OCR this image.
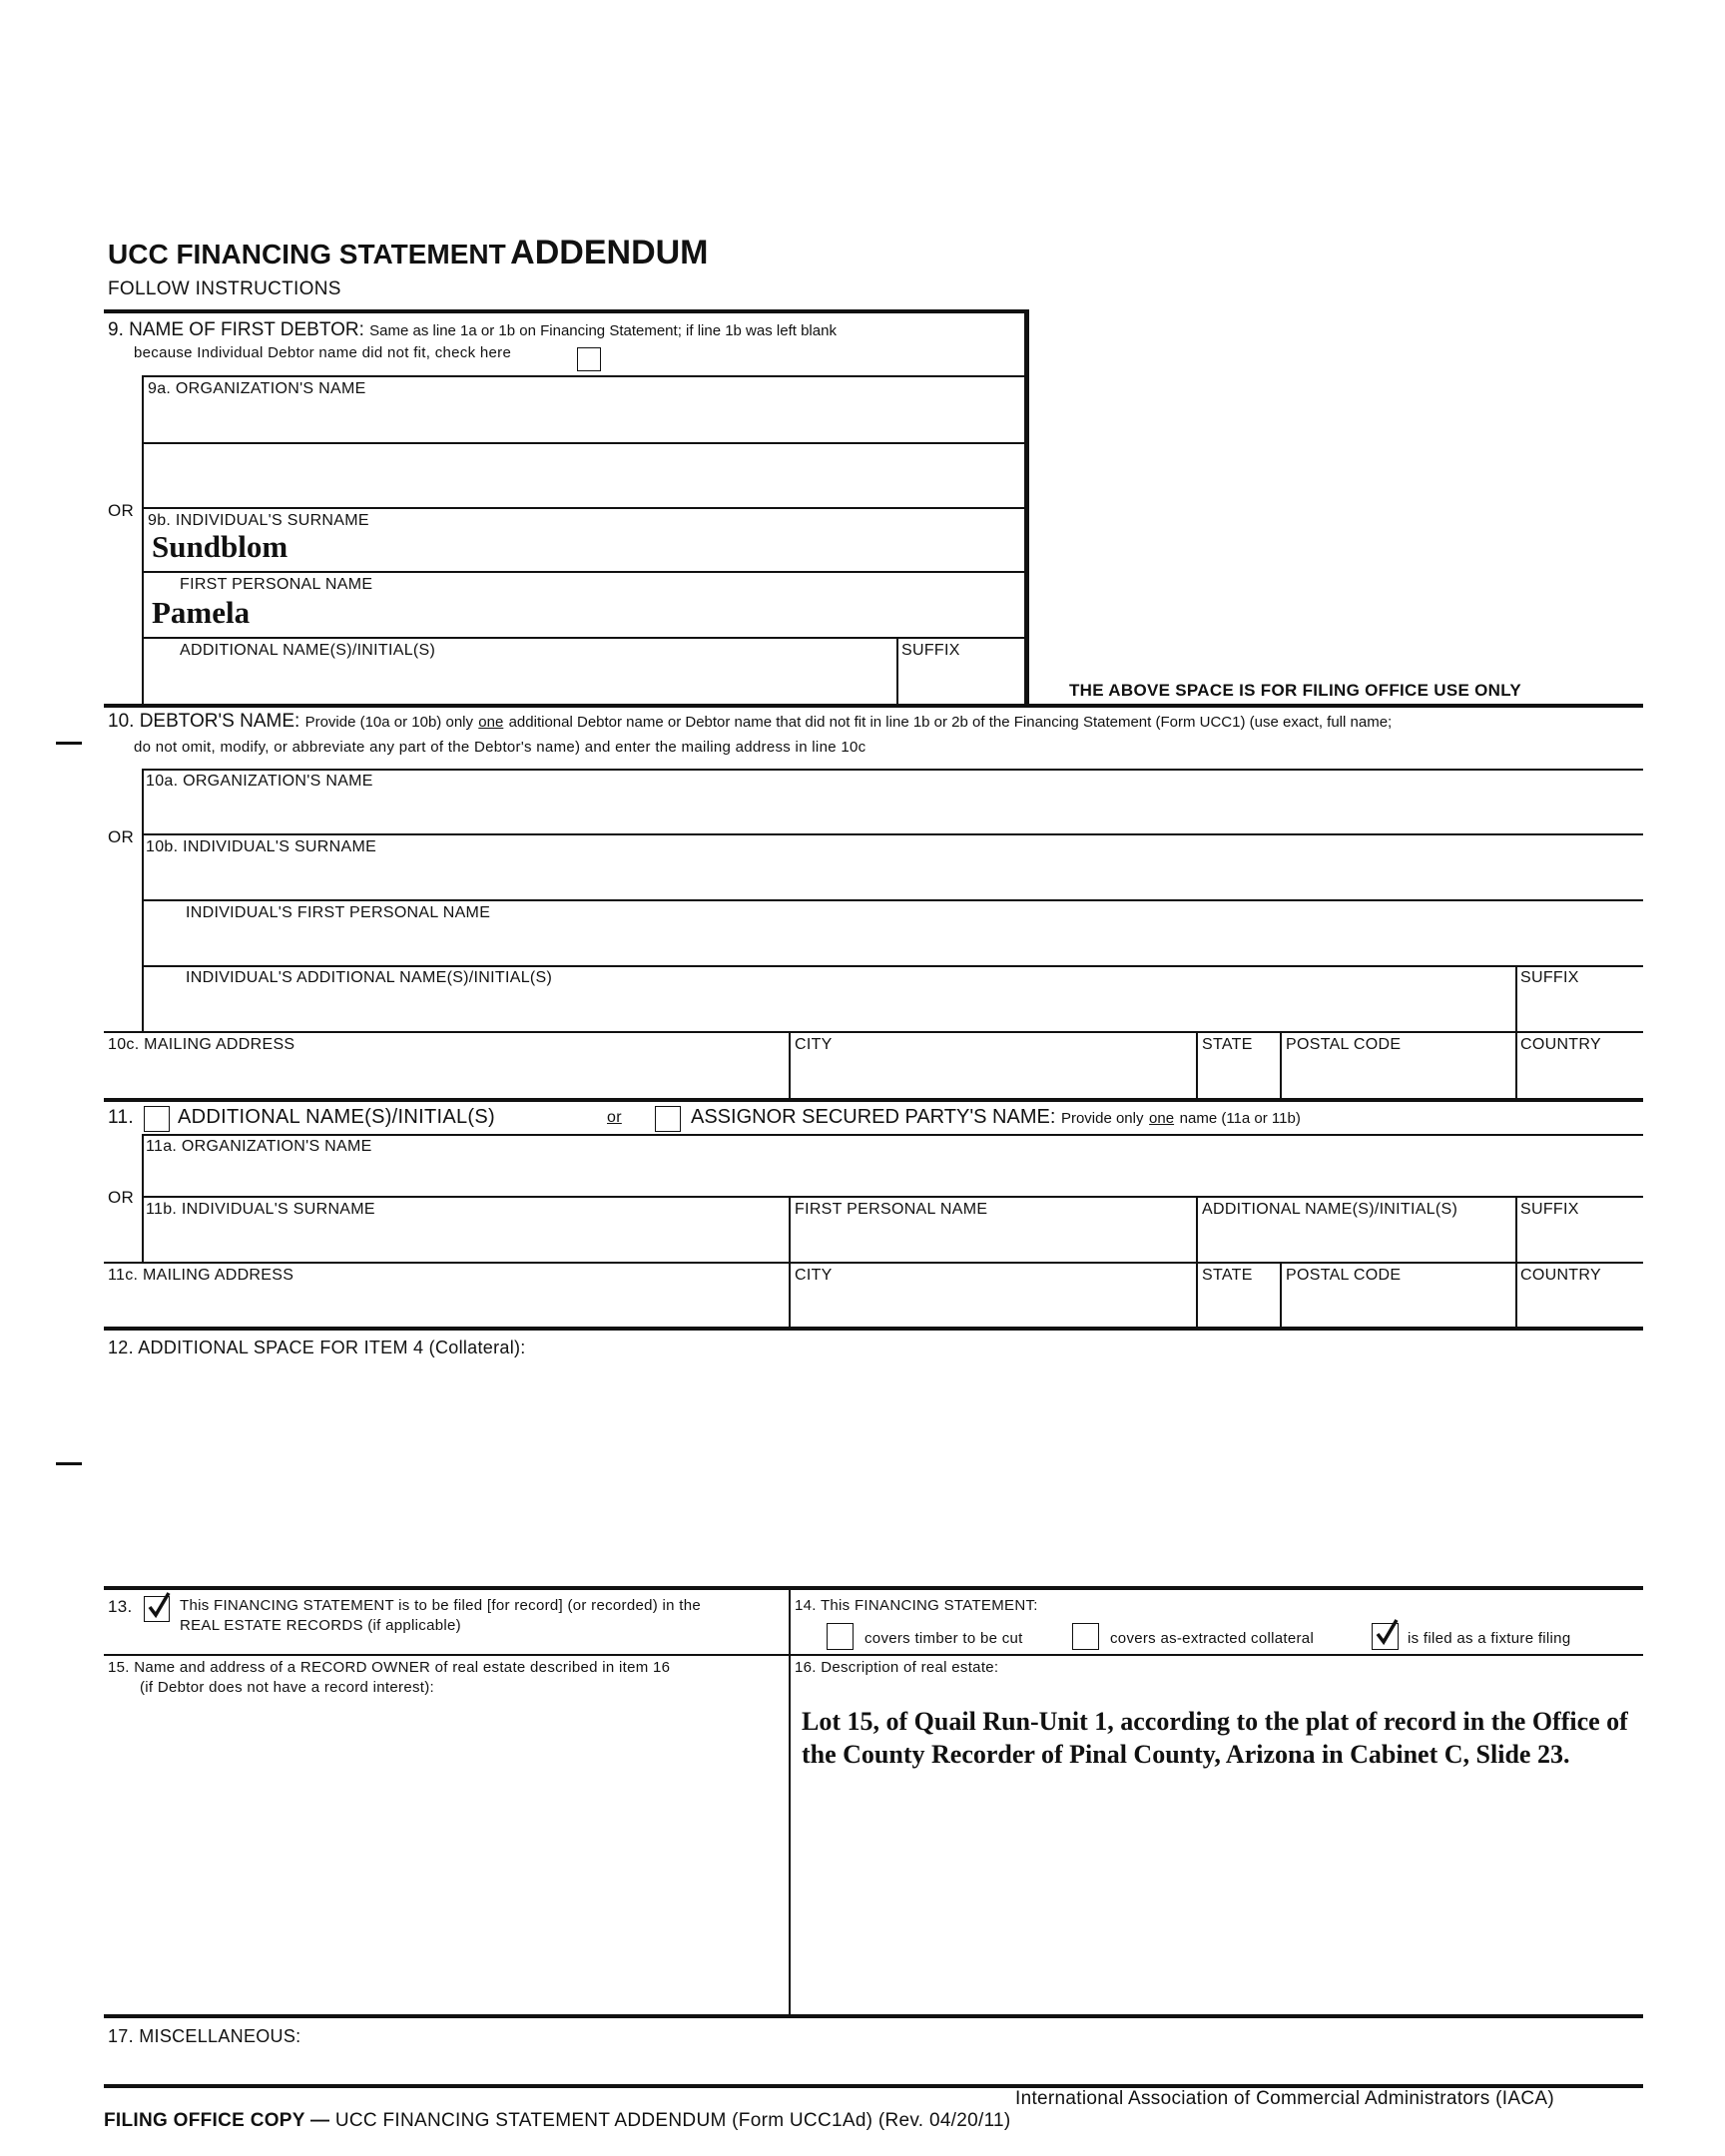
UCC FINANCING STATEMENT ADDENDUM
FOLLOW INSTRUCTIONS
9. NAME OF FIRST DEBTOR: Same as line 1a or 1b on Financing Statement; if line 1b was left blank
because Individual Debtor name did not fit, check here
9a. ORGANIZATION'S NAME
OR
9b. INDIVIDUAL'S SURNAME
Sundblom
FIRST PERSONAL NAME
Pamela
ADDITIONAL NAME(S)/INITIAL(S)	SUFFIX
THE ABOVE SPACE IS FOR FILING OFFICE USE ONLY
10. DEBTOR'S NAME: Provide (10a or 10b) only one additional Debtor name or Debtor name that did not fit in line 1b or 2b of the Financing Statement (Form UCC1) (use exact, full name;
do not omit, modify, or abbreviate any part of the Debtor's name) and enter the mailing address in line 10c
10a. ORGANIZATION'S NAME
OR
10b. INDIVIDUAL'S SURNAME
INDIVIDUAL'S FIRST PERSONAL NAME
INDIVIDUAL'S ADDITIONAL NAME(S)/INITIAL(S)	SUFFIX
10c. MAILING ADDRESS	CITY	STATE POSTAL CODE	COUNTRY
11. ADDITIONAL NAME(S)/INITIAL(S)	or	ASSIGNOR SECURED PARTY'S NAME: Provide only one name (11a or 11b)
11a. ORGANIZATION'S NAME
OR
11b. INDIVIDUAL'S SURNAME	FIRST PERSONAL NAME	ADDITIONAL NAME(S)/INITIAL(S)	SUFFIX
11c. MAILING ADDRESS	CITY	STATE POSTAL CODE	COUNTRY
12. ADDITIONAL SPACE FOR ITEM 4 (Collateral):
13.	This FINANCING STATEMENT is to be filed [for record] (or recorded) in the
REAL ESTATE RECORDS (if applicable)
14. This FINANCING STATEMENT:
covers timber to be cut	covers as-extracted collateral	is filed as a fixture filing
15. Name and address of a RECORD OWNER of real estate described in item 16
(if Debtor does not have a record interest):
16. Description of real estate:
Lot 15, of Quail Run-Unit 1, according to the plat of record in the Office of the County Recorder of Pinal County, Arizona in Cabinet C, Slide 23.
17. MISCELLANEOUS:
International Association of Commercial Administrators (IACA)
FILING OFFICE COPY — UCC FINANCING STATEMENT ADDENDUM (Form UCC1Ad) (Rev. 04/20/11)
